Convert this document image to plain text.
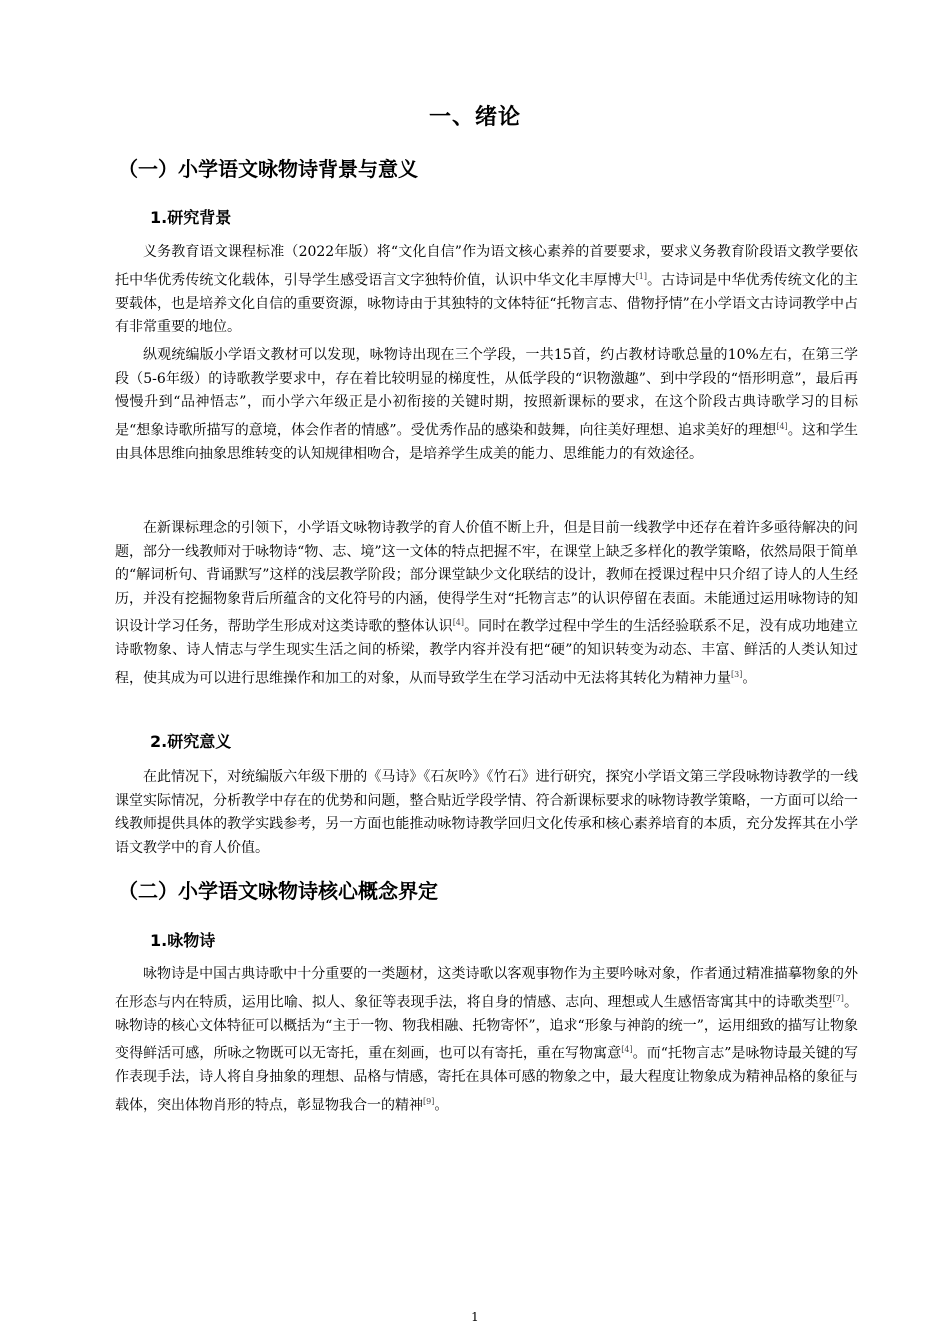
一、绪论
（一）小学语文咏物诗背景与意义
1.研究背景

义务教育语文课程标准（2022年版）将“文化自信”作为语文核心素养的首要要求，要求义务教育阶段语文教学要依托中华优秀传统文化载体，引导学生感受语言文字独特价值，认识中华文化丰厚博大[1]。古诗词是中华优秀传统文化的主要载体，也是培养文化自信的重要资源，咏物诗由于其独特的文体特征“托物言志、借物抒情”在小学语文古诗词教学中占有非常重要的地位。

纵观统编版小学语文教材可以发现，咏物诗出现在三个学段，一共15首，约占教材诗歌总量的10%左右，在第三学段（5-6年级）的诗歌教学要求中，存在着比较明显的梯度性，从低学段的“识物激趣”、到中学段的“悟形明意”，最后再慢慢升到“品神悟志”，而小学六年级正是小初衔接的关键时期，按照新课标的要求，在这个阶段古典诗歌学习的目标是“想象诗歌所描写的意境，体会作者的情感”。受优秀作品的感染和鼓舞，向往美好理想、追求美好的理想[4]。这和学生由具体思维向抽象思维转变的认知规律相吻合，是培养学生成美的能力、思维能力的有效途径。

在新课标理念的引领下，小学语文咏物诗教学的育人价值不断上升，但是目前一线教学中还存在着许多亟待解决的问题，部分一线教师对于咏物诗“物、志、境”这一文体的特点把握不牢，在课堂上缺乏多样化的教学策略，依然局限于简单的“解词析句、背诵默写”这样的浅层教学阶段；部分课堂缺少文化联结的设计，教师在授课过程中只介绍了诗人的人生经历，并没有挖掘物象背后所蕴含的文化符号的内涵，使得学生对“托物言志”的认识停留在表面。未能通过运用咏物诗的知识设计学习任务，帮助学生形成对这类诗歌的整体认识[4]。同时在教学过程中学生的生活经验联系不足，没有成功地建立诗歌物象、诗人情志与学生现实生活之间的桥梁，教学内容并没有把“硬”的知识转变为动态、丰富、鲜活的人类认知过程，使其成为可以进行思维操作和加工的对象，从而导致学生在学习活动中无法将其转化为精神力量[3]。

2.研究意义

在此情况下，对统编版六年级下册的《马诗》《石灰吟》《竹石》进行研究，探究小学语文第三学段咏物诗教学的一线课堂实际情况，分析教学中存在的优势和问题，整合贴近学段学情、符合新课标要求的咏物诗教学策略，一方面可以给一线教师提供具体的教学实践参考，另一方面也能推动咏物诗教学回归文化传承和核心素养培育的本质，充分发挥其在小学语文教学中的育人价值。

（二）小学语文咏物诗核心概念界定
1.咏物诗

咏物诗是中国古典诗歌中十分重要的一类题材，这类诗歌以客观事物作为主要吟咏对象，作者通过精准描摹物象的外在形态与内在特质，运用比喻、拟人、象征等表现手法，将自身的情感、志向、理想或人生感悟寄寓其中的诗歌类型[7]。咏物诗的核心文体特征可以概括为“主于一物、物我相融、托物寄怀”，追求“形象与神韵的统一”，运用细致的描写让物象变得鲜活可感，所咏之物既可以无寄托，重在刻画，也可以有寄托，重在写物寓意[4]。而“托物言志”是咏物诗最关键的写作表现手法，诗人将自身抽象的理想、品格与情感，寄托在具体可感的物象之中，最大程度让物象成为精神品格的象征与载体，突出体物肖形的特点，彰显物我合一的精神[9]。

1
